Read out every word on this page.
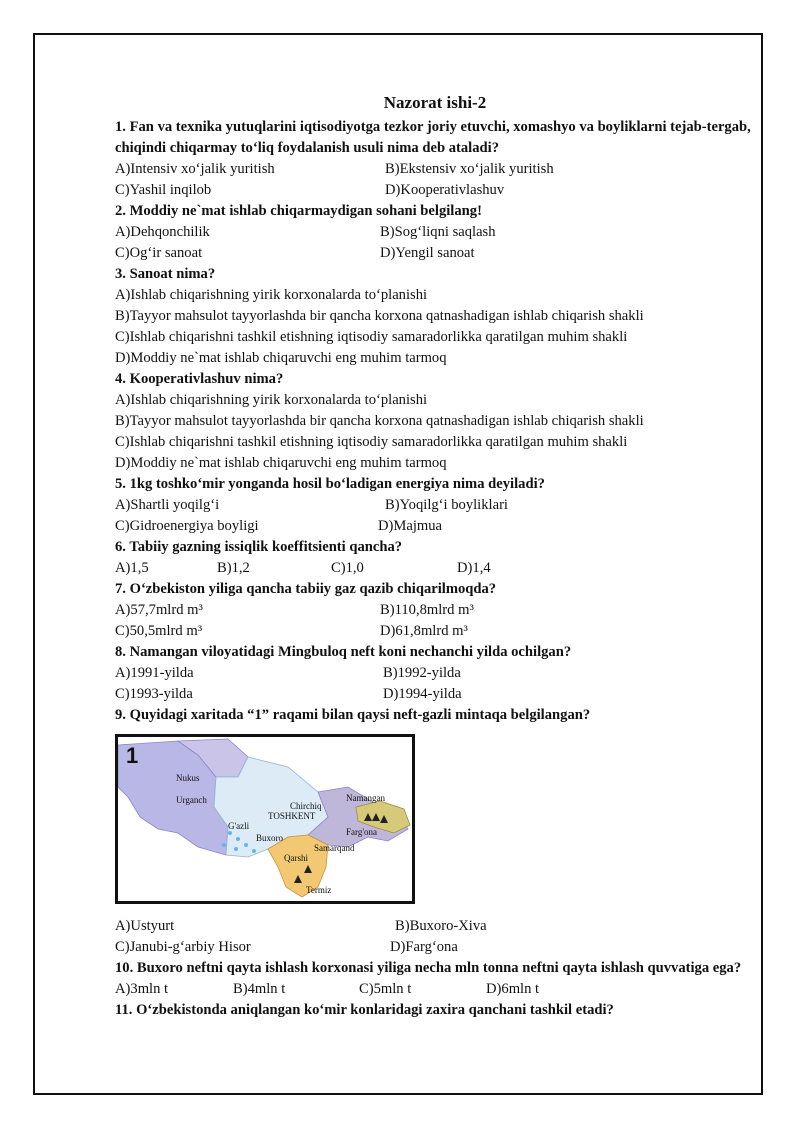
Nazorat ishi-2

1. Fan va texnika yutuqlarini iqtisodiyotga tezkor joriy etuvchi, xomashyo va boyliklarni tejab-tergab, chiqindi chiqarmay to‘liq foydalanish usuli nima deb ataladi?

A)Intensiv xo‘jalik yuritish	B)Ekstensiv xo‘jalik yuritish
C)Yashil inqilob	D)Kooperativlashuv

2. Moddiy ne`mat ishlab chiqarmaydigan sohani belgilang!

A)Dehqonchilik	B)Sog‘liqni saqlash
C)Og‘ir sanoat	D)Yengil sanoat

3. Sanoat nima?

A)Ishlab chiqarishning yirik korxonalarda to‘planishi

B)Tayyor mahsulot tayyorlashda bir qancha korxona qatnashadigan ishlab chiqarish shakli

C)Ishlab chiqarishni tashkil etishning iqtisodiy samaradorlikka qaratilgan muhim shakli

D)Moddiy ne`mat ishlab chiqaruvchi eng muhim tarmoq

4. Kooperativlashuv nima?

A)Ishlab chiqarishning yirik korxonalarda to‘planishi

B)Tayyor mahsulot tayyorlashda bir qancha korxona qatnashadigan ishlab chiqarish shakli

C)Ishlab chiqarishni tashkil etishning iqtisodiy samaradorlikka qaratilgan muhim shakli

D)Moddiy ne`mat ishlab chiqaruvchi eng muhim tarmoq

5. 1kg toshko‘mir yonganda hosil bo‘ladigan energiya nima deyiladi?

A)Shartli yoqilg‘i	B)Yoqilg‘i boyliklari
C)Gidroenergiya boyligi	D)Majmua

6. Tabiiy gazning issiqlik koeffitsienti qancha?

A)1,5	B)1,2	C)1,0	D)1,4

7. O‘zbekiston yiliga qancha tabiiy gaz qazib chiqarilmoqda?

A)57,7mlrd m³	B)110,8mlrd m³
C)50,5mlrd m³	D)61,8mlrd m³

8. Namangan viloyatidagi Mingbuloq neft koni nechanchi yilda ochilgan?

A)1991-yilda	B)1992-yilda
C)1993-yilda	D)1994-yilda

9. Quyidagi xaritada “1” raqami bilan qaysi neft-gazli mintaqa belgilangan?

1
Nukus
Urganch
Chirchiq
TOSHKENT
Namangan
G'azli
Buxoro
Farg'ona
Samarqand
Qarshi
Termiz
A)Ustyurt	B)Buxoro-Xiva
C)Janubi-g‘arbiy Hisor	D)Farg‘ona

10. Buxoro neftni qayta ishlash korxonasi yiliga necha mln tonna neftni qayta ishlash quvvatiga ega?

A)3mln t	B)4mln t	C)5mln t	D)6mln t

11. O‘zbekistonda aniqlangan ko‘mir konlaridagi zaxira qanchani tashkil etadi?
